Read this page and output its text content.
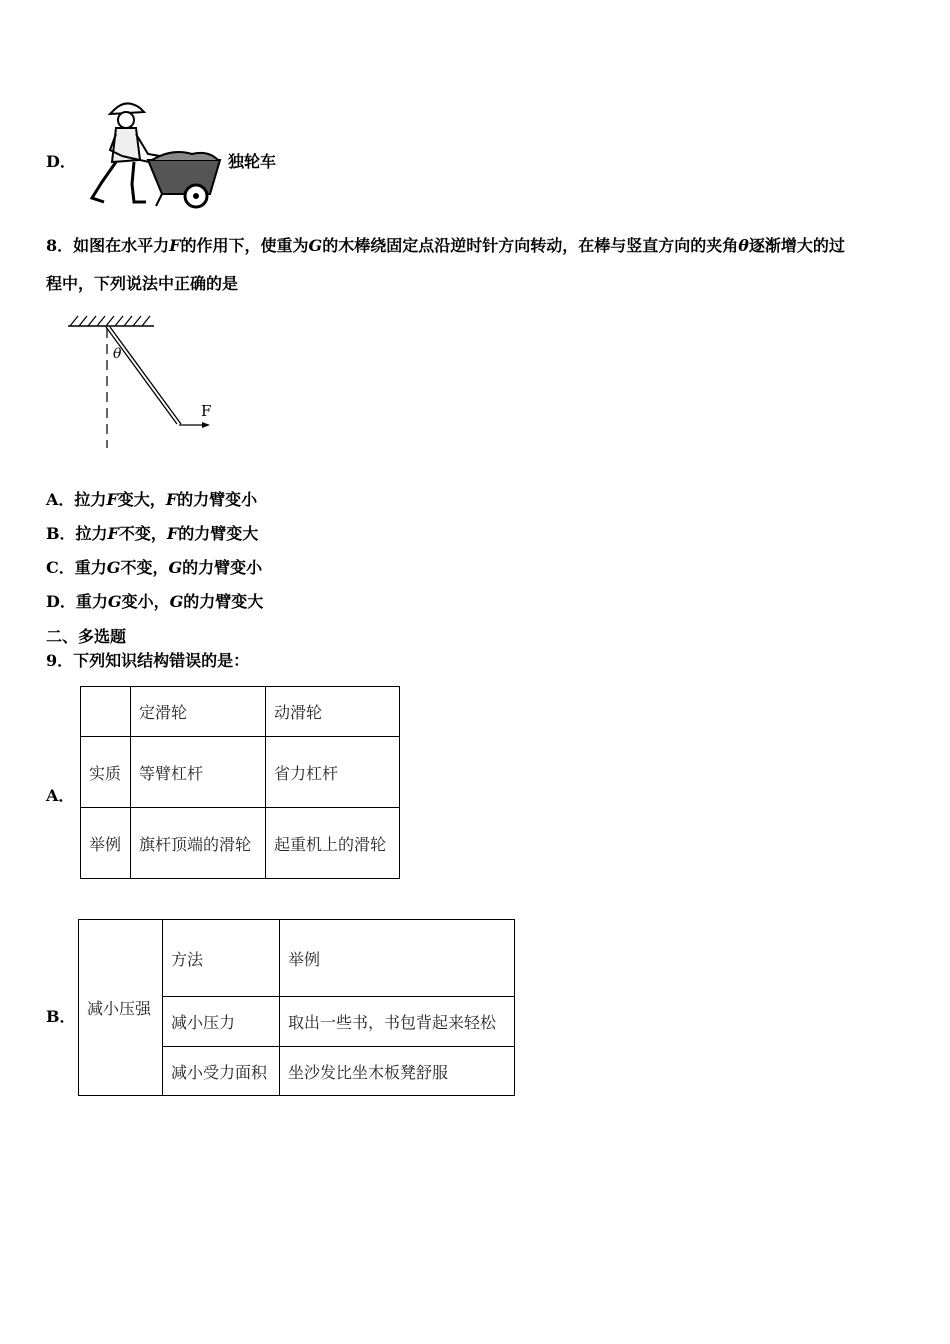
D．	独轮车
8．如图在水平力F的作用下，使重为G的木棒绕固定点沿逆时针方向转动，在棒与竖直方向的夹角θ逐渐增大的过
程中，下列说法中正确的是
θ
F
A．拉力F变大，F的力臂变小
B．拉力F不变，F的力臂变大
C．重力G不变，G的力臂变小
D．重力G变小，G的力臂变大
二、多选题
9．下列知识结构错误的是：
A．
	定滑轮	动滑轮
实质	等臂杠杆	省力杠杆
举例	旗杆顶端的滑轮	起重机上的滑轮
B． 减小压强	方法	举例
	减小压力	取出一些书，书包背起来轻松
	减小受力面积	坐沙发比坐木板凳舒服
